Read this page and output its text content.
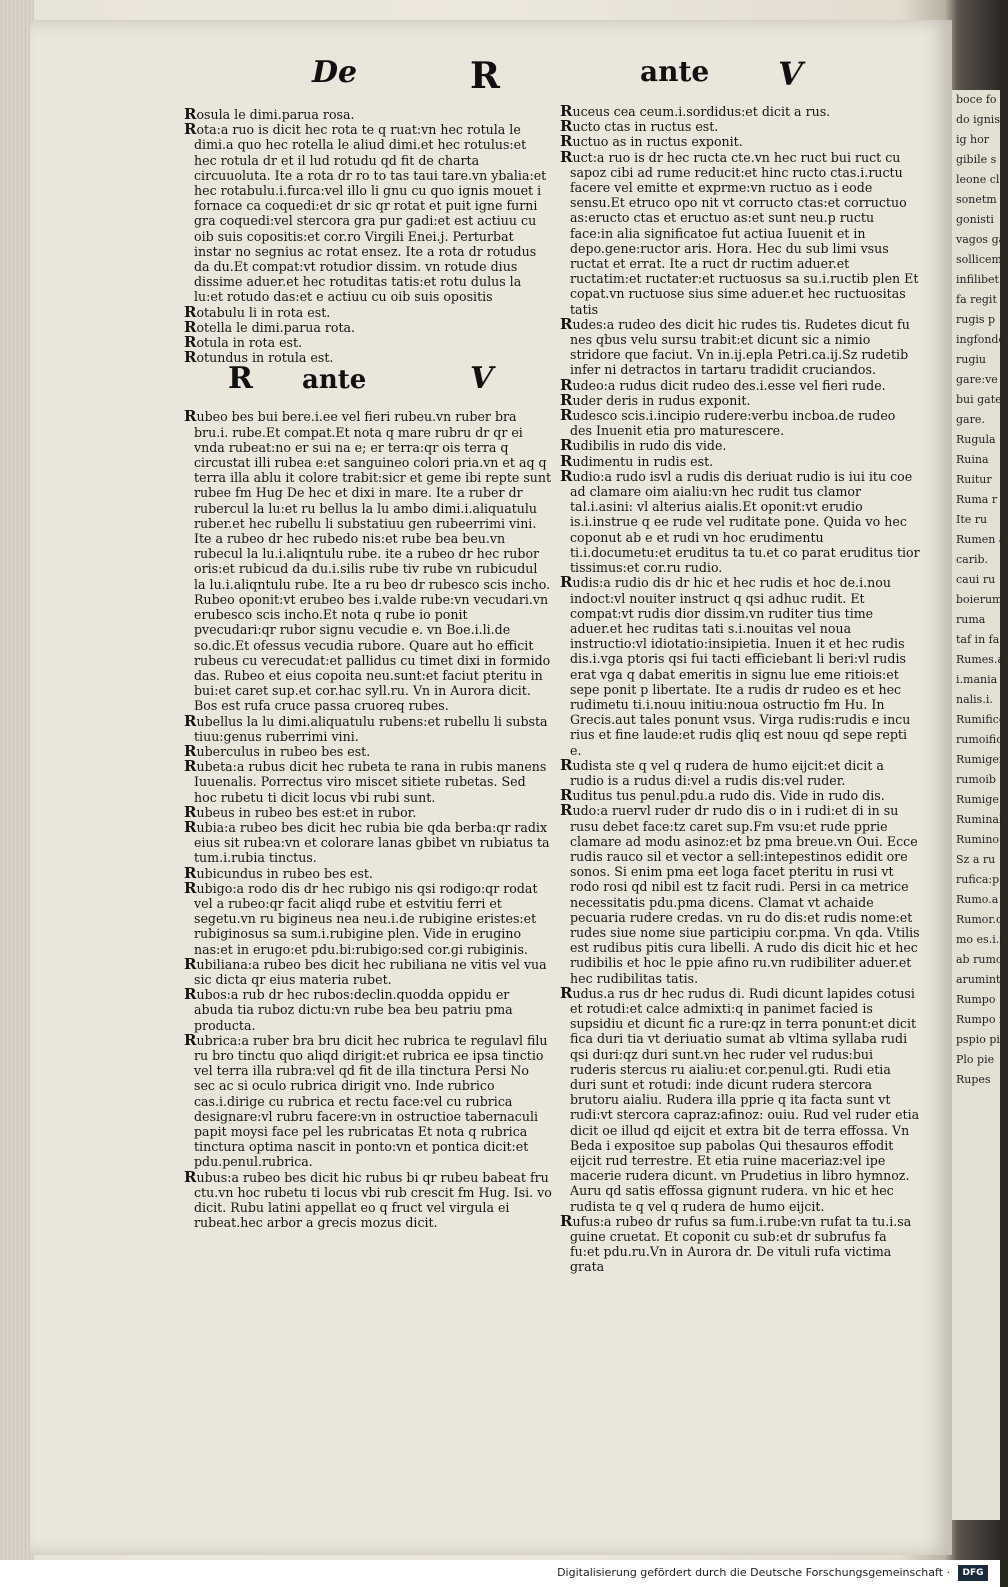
boce fo
do ignis
ig hor
gibile s
leone cl
sonetm
gonisti
vagos ga
sollicem
infilibet
fa regit
rugis p
ingfonde
rugiu
gare:ve
bui gate
gare.
Rugula
Ruina
Ruitur
Ruma r
Ite ru
Rumen a
carib.
caui ru
boierum
ruma
taf in fa
Rumes.a
i.mania
nalis.i.
Rumifico
rumoific
Rumiger
rumoib
Rumige
Ruminal
Rumino:
Sz a ru
rufica:p
Rumo.a
Rumor.c
mo es.i.f
ab rumo
aruminto
Rumpo
Rumpo is
pspio pis
Plo pie
Rupes
De	R	ante V

Rosula le dimi.parua rosa.

Rota:a ruo is dicit hec rota te q ruat:vn hec rotula le dimi.a quo hec rotella le aliud dimi.et hec rotulus:et hec rotula dr et il lud rotudu qd fit de charta circuuoluta. Ite a rota dr ro to tas taui tare.vn ybalia:et hec rotabulu.i.furca:vel illo li gnu cu quo ignis mouet i fornace ca coquedi:et dr sic qr rotat et puit igne furni gra coquedi:vel stercora gra pur gadi:et est actiuu cu oib suis copositis:et cor.ro Virgili Enei.j. Perturbat instar no segnius ac rotat ensez. Ite a rota dr rotudus da du.Et compat:vt rotudior dissim. vn rotude dius dissime aduer.et hec rotuditas tatis:et rotu dulus la lu:et rotudo das:et e actiuu cu oib suis opositis

Rotabulu li in rota est.

Rotella le dimi.parua rota.

Rotula in rota est.

Rotundus in rotula est.

R ante	V

Rubeo bes bui bere.i.ee vel fieri rubeu.vn ruber bra bru.i. rube.Et compat.Et nota q mare rubru dr qr ei vnda rubeat:no er sui na e; er terra:qr ois terra q circustat illi rubea e:et sanguineo colori pria.vn et aq q terra illa ablu it colore trabit:sicr et geme ibi repte sunt rubee fm Hug De hec et dixi in mare. Ite a ruber dr rubercul la lu:et ru bellus la lu ambo dimi.i.aliquatulu ruber.et hec rubellu li substatiuu gen rubeerrimi vini. Ite a rubeo dr hec rubedo nis:et rube bea beu.vn rubecul la lu.i.aliqntulu rube. ite a rubeo dr hec rubor oris:et rubicud da du.i.silis rube tiv rube vn rubicudul la lu.i.aliqntulu rube. Ite a ru beo dr rubesco scis incho. Rubeo oponit:vt erubeo bes i.valde rube:vn vecudari.vn erubesco scis incho.Et nota q rube io ponit pvecudari:qr rubor signu vecudie e. vn Boe.i.li.de so.dic.Et ofessus vecudia rubore. Quare aut ho efficit rubeus cu verecudat:et pallidus cu timet dixi in formido das. Rubeo et eius copoita neu.sunt:et faciut pteritu in bui:et caret sup.et cor.hac syll.ru. Vn in Aurora dicit. Bos est rufa cruce passa cruoreq rubes.

Rubellus la lu dimi.aliquatulu rubens:et rubellu li substa tiuu:genus ruberrimi vini.

Ruberculus in rubeo bes est.

Rubeta:a rubus dicit hec rubeta te rana in rubis manens Iuuenalis. Porrectus viro miscet sitiete rubetas. Sed hoc rubetu ti dicit locus vbi rubi sunt.

Rubeus in rubeo bes est:et in rubor.

Rubia:a rubeo bes dicit hec rubia bie qda berba:qr radix eius sit rubea:vn et colorare lanas gbibet vn rubiatus ta tum.i.rubia tinctus.

Rubicundus in rubeo bes est.

Rubigo:a rodo dis dr hec rubigo nis qsi rodigo:qr rodat vel a rubeo:qr facit aliqd rube et estvitiu ferri et segetu.vn ru bigineus nea neu.i.de rubigine eristes:et rubiginosus sa sum.i.rubigine plen. Vide in erugino nas:et in erugo:et pdu.bi:rubigo:sed cor.gi rubiginis.

Rubiliana:a rubeo bes dicit hec rubiliana ne vitis vel vua sic dicta qr eius materia rubet.

Rubos:a rub dr hec rubos:declin.quodda oppidu er abuda tia ruboz dictu:vn rube bea beu patriu pma producta.

Rubrica:a ruber bra bru dicit hec rubrica te regulavl filu ru bro tinctu quo aliqd dirigit:et rubrica ee ipsa tinctio vel terra illa rubra:vel qd fit de illa tinctura Persi No sec ac si oculo rubrica dirigit vno. Inde rubrico cas.i.dirige cu rubrica et rectu face:vel cu rubrica designare:vl rubru facere:vn in ostructioe tabernaculi papit moysi face pel les rubricatas Et nota q rubrica tinctura optima nascit in ponto:vn et pontica dicit:et pdu.penul.rubrica.

Rubus:a rubeo bes dicit hic rubus bi qr rubeu babeat fru ctu.vn hoc rubetu ti locus vbi rub crescit fm Hug. Isi. vo dicit. Rubu latini appellat eo q fruct vel virgula ei rubeat.hec arbor a grecis mozus dicit.

Ruceus cea ceum.i.sordidus:et dicit a rus.

Ructo ctas in ructus est.

Ructuo as in ructus exponit.

Ruct:a ruo is dr hec ructa cte.vn hec ruct bui ruct cu sapoz cibi ad rume reducit:et hinc ructo ctas.i.ructu facere vel emitte et exprme:vn ructuo as i eode sensu.Et etruco opo nit vt corructo ctas:et corructuo as:eructo ctas et eructuo as:et sunt neu.p ructu face:in alia significatoe fut actiua Iuuenit et in depo.gene:ructor aris. Hora. Hec du sub limi vsus ructat et errat. Ite a ruct dr ructim aduer.et ructatim:et ructater:et ructuosus sa su.i.ructib plen Et copat.vn ructuose sius sime aduer.et hec ructuositas tatis

Rudes:a rudeo des dicit hic rudes tis. Rudetes dicut fu nes qbus velu sursu trabit:et dicunt sic a nimio stridore que faciut. Vn in.ij.epla Petri.ca.ij.Sz rudetib infer ni detractos in tartaru tradidit cruciandos.

Rudeo:a rudus dicit rudeo des.i.esse vel fieri rude.

Ruder deris in rudus exponit.

Rudesco scis.i.incipio rudere:verbu incboa.de rudeo des Inuenit etia pro maturescere.

Rudibilis in rudo dis vide.

Rudimentu in rudis est.

Rudio:a rudo isvl a rudis dis deriuat rudio is iui itu coe ad clamare oim aialiu:vn hec rudit tus clamor tal.i.asini: vl alterius aialis.Et oponit:vt erudio is.i.instrue q ee rude vel ruditate pone. Quida vo hec coponut ab e et rudi vn hoc erudimentu ti.i.documetu:et eruditus ta tu.et co parat eruditus tior tissimus:et cor.ru rudio.

Rudis:a rudio dis dr hic et hec rudis et hoc de.i.nou indoct:vl nouiter instruct q qsi adhuc rudit. Et compat:vt rudis dior dissim.vn ruditer tius time aduer.et hec ruditas tati s.i.nouitas vel noua instructio:vl idiotatio:insipietia. Inuen it et hec rudis dis.i.vga ptoris qsi fui tacti efficiebant li beri:vl rudis erat vga q dabat emeritis in signu lue eme ritiois:et sepe ponit p libertate. Ite a rudis dr rudeo es et hec rudimetu ti.i.nouu initiu:noua ostructio fm Hu. In Grecis.aut tales ponunt vsus. Virga rudis:rudis e incu rius et fine laude:et rudis qliq est nouu qd sepe repti e.

Rudista ste q vel q rudera de humo eijcit:et dicit a rudio is a rudus di:vel a rudis dis:vel ruder.

Ruditus tus penul.pdu.a rudo dis. Vide in rudo dis.

Rudo:a ruervl ruder dr rudo dis o in i rudi:et di in su rusu debet face:tz caret sup.Fm vsu:et rude pprie clamare ad modu asinoz:et bz pma breue.vn Oui. Ecce rudis rauco sil et vector a sell:intepestinos edidit ore sonos. Si enim pma eet loga facet pteritu in rusi vt rodo rosi qd nibil est tz facit rudi. Persi in ca metrice necessitatis pdu.pma dicens. Clamat vt achaide pecuaria rudere credas. vn ru do dis:et rudis nome:et rudes siue nome siue participiu cor.pma. Vn qda. Vtilis est rudibus pitis cura libelli. A rudo dis dicit hic et hec rudibilis et hoc le ppie afino ru.vn rudibiliter aduer.et hec rudibilitas tatis.

Rudus.a rus dr hec rudus di. Rudi dicunt lapides cotusi et rotudi:et calce admixti:q in panimet facied is supsidiu et dicunt fic a rure:qz in terra ponunt:et dicit fica duri tia vt deriuatio sumat ab vltima syllaba rudi qsi duri:qz duri sunt.vn hec ruder vel rudus:bui ruderis stercus ru aialiu:et cor.penul.gti. Rudi etia duri sunt et rotudi: inde dicunt rudera stercora brutoru aialiu. Rudera illa pprie q ita facta sunt vt rudi:vt stercora capraz:afinoz: ouiu. Rud vel ruder etia dicit oe illud qd eijcit et extra bit de terra effossa. Vn Beda i expositoe sup pabolas Qui thesauros effodit eijcit rud terrestre. Et etia ruine maceriaz:vel ipe macerie rudera dicunt. vn Prudetius in libro hymnoz. Auru qd satis effossa gignunt rudera. vn hic et hec rudista te q vel q rudera de humo eijcit.

Rufus:a rubeo dr rufus sa fum.i.rube:vn rufat ta tu.i.sa guine cruetat. Et coponit cu sub:et dr subrufus fa fu:et pdu.ru.Vn in Aurora dr. De vituli rufa victima grata

Digitalisierung gefördert durch die Deutsche Forschungsgemeinschaft ·	DFG
